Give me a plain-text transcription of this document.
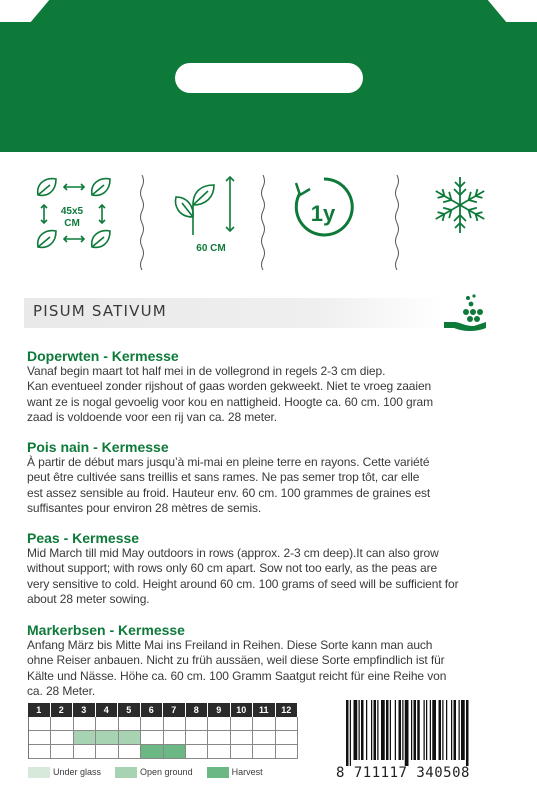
45x5 CM
60 CM
1y
PISUM SATIVUM
Doperwten - Kermesse
Vanaf begin maart tot half mei in de vollegrond in regels 2-3 cm diep.
Kan eventueel zonder rijshout of gaas worden gekweekt. Niet te vroeg zaaien
want ze is nogal gevoelig voor kou en nattigheid. Hoogte ca. 60 cm. 100 gram
zaad is voldoende voor een rij van ca. 28 meter.
Pois nain - Kermesse
À partir de début mars jusqu’à mi-mai en pleine terre en rayons. Cette variété
peut être cultivée sans treillis et sans rames. Ne pas semer trop tôt, car elle
est assez sensible au froid. Hauteur env. 60 cm. 100 grammes de graines est
suffisantes pour environ 28 mètres de semis.
Peas - Kermesse
Mid March till mid May outdoors in rows (approx. 2-3 cm deep).It can also grow
without support; with rows only 60 cm apart. Sow not too early, as the peas are
very sensitive to cold. Height around 60 cm. 100 grams of seed will be sufficient for
about 28 meter sowing.
Markerbsen - Kermesse
Anfang März bis Mitte Mai ins Freiland in Reihen. Diese Sorte kann man auch
ohne Reiser anbauen. Nicht zu früh aussäen, weil diese Sorte empfindlich ist für
Kälte und Nässe. Höhe ca. 60 cm. 100 Gramm Saatgut reicht für eine Reihe von
ca. 28 Meter.
1	2	3	4	5	6	7	8	9	10	11	12
Under glass	Open ground	Harvest	8 711117 340508
